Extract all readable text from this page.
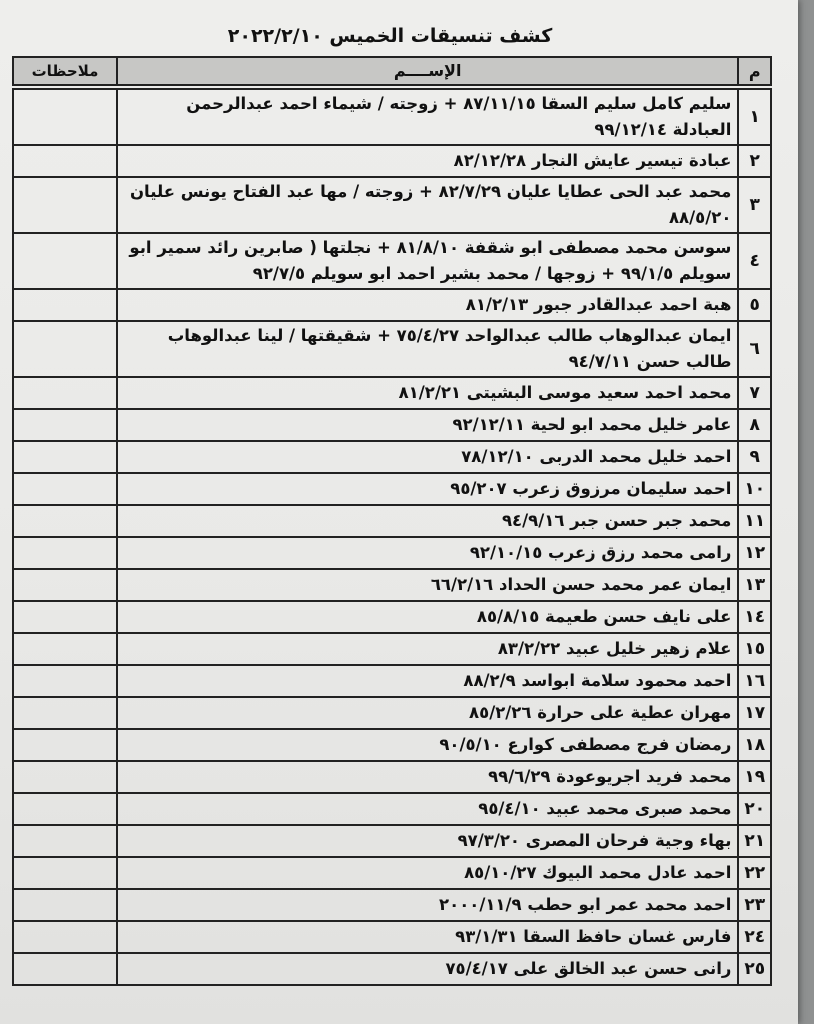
كشف تنسيقات الخميس ٢٠٢٢/٢/١٠
م	الإســــم	ملاحظات

١	سليم كامل سليم السقا ٨٧/١١/١٥ + زوجته / شيماء احمد عبدالرحمن العبادلة ٩٩/١٢/١٤	
٢	عبادة تيسير عايش النجار ٨٢/١٢/٢٨	
٣	محمد عبد الحى عطايا عليان ٨٢/٧/٢٩ + زوجته / مها عبد الفتاح يونس عليان ٨٨/٥/٢٠	
٤	سوسن محمد مصطفى ابو شقفة ٨١/٨/١٠ + نجلتها ( صابرين رائد سمير ابو سويلم ٩٩/١/٥ + زوجها / محمد بشير احمد ابو سويلم ٩٢/٧/٥	
٥	هبة احمد عبدالقادر جبور ٨١/٢/١٣	
٦	ايمان عبدالوهاب طالب عبدالواحد ٧٥/٤/٢٧ + شقيقتها / لينا عبدالوهاب طالب حسن ٩٤/٧/١١	
٧	محمد احمد سعيد موسى البشيتى ٨١/٢/٢١	
٨	عامر خليل محمد ابو لحية ٩٢/١٢/١١	
٩	احمد خليل محمد الدربى ٧٨/١٢/١٠	
١٠	احمد سليمان مرزوق زعرب ٩٥/٢٠٧	
١١	محمد جبر حسن جبر ٩٤/٩/١٦	
١٢	رامى محمد رزق زعرب ٩٢/١٠/١٥	
١٣	ايمان عمر محمد حسن الحداد ٦٦/٢/١٦	
١٤	على نايف حسن طعيمة ٨٥/٨/١٥	
١٥	علام زهير خليل عبيد ٨٣/٢/٢٢	
١٦	احمد محمود سلامة ابواسد ٨٨/٢/٩	
١٧	مهران عطية على حرارة ٨٥/٢/٢٦	
١٨	رمضان فرج مصطفى كوارع ٩٠/٥/١٠	
١٩	محمد فريد اجريوعودة ٩٩/٦/٢٩	
٢٠	محمد صبرى محمد عبيد ٩٥/٤/١٠	
٢١	بهاء وجية فرحان المصرى ٩٧/٣/٢٠	
٢٢	احمد عادل محمد البيوك ٨٥/١٠/٢٧	
٢٣	احمد محمد عمر ابو حطب ٢٠٠٠/١١/٩	
٢٤	فارس غسان حافظ السقا ٩٣/١/٣١	
٢٥	رانى حسن عبد الخالق على ٧٥/٤/١٧	
